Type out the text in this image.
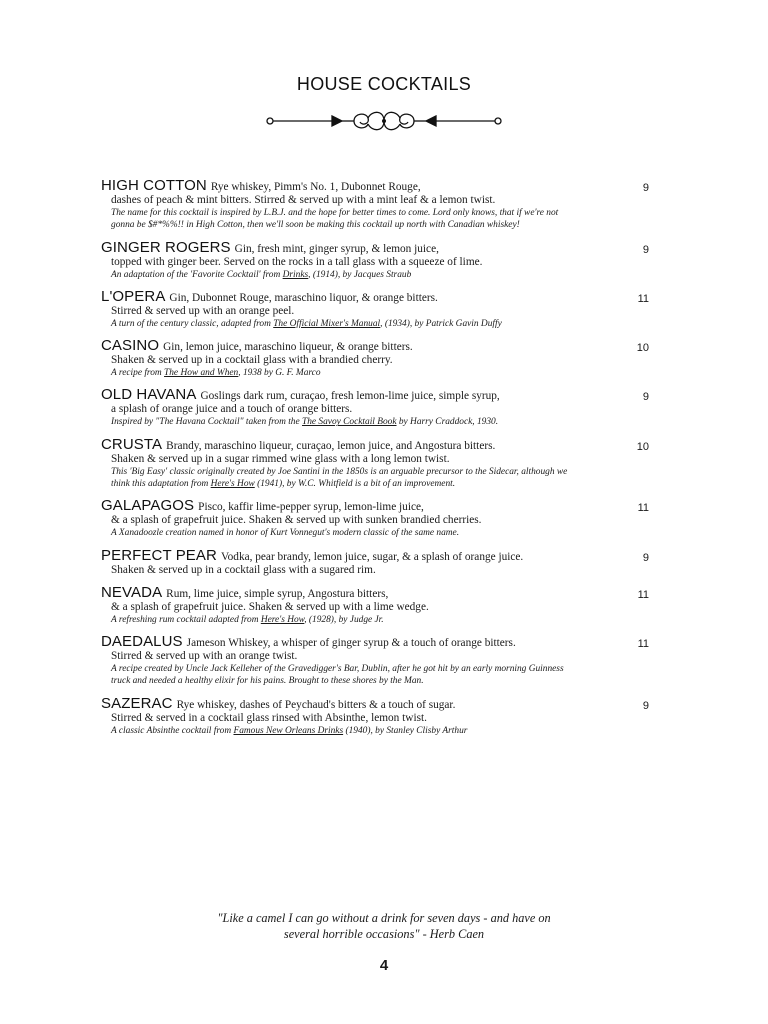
HOUSE COCKTAILS
HIGH COTTON Rye whiskey, Pimm's No. 1, Dubonnet Rouge,	9
dashes of peach & mint bitters. Stirred & served up with a mint leaf & a lemon twist.
The name for this cocktail is inspired by L.B.J. and the hope for better times to come. Lord only knows, that if we're not gonna be $#*%%!! in High Cotton, then we'll soon be making this cocktail up north with Canadian whiskey!
GINGER ROGERS Gin, fresh mint, ginger syrup, & lemon juice,	9
topped with ginger beer. Served on the rocks in a tall glass with a squeeze of lime.
An adaptation of the 'Favorite Cocktail' from Drinks, (1914), by Jacques Straub
L'OPERA Gin, Dubonnet Rouge, maraschino liquor, & orange bitters.	11
Stirred & served up with an orange peel.
A turn of the century classic, adapted from The Official Mixer's Manual, (1934), by Patrick Gavin Duffy
CASINO Gin, lemon juice, maraschino liqueur, & orange bitters.	10
Shaken & served up in a cocktail glass with a brandied cherry.
A recipe from The How and When, 1938 by G. F. Marco
OLD HAVANA Goslings dark rum, curaçao, fresh lemon-lime juice, simple syrup,	9
a splash of orange juice and a touch of orange bitters.
Inspired by "The Havana Cocktail" taken from the The Savoy Cocktail Book by Harry Craddock, 1930.
CRUSTA Brandy, maraschino liqueur, curaçao, lemon juice, and Angostura bitters.	10
Shaken & served up in a sugar rimmed wine glass with a long lemon twist.
This 'Big Easy' classic originally created by Joe Santini in the 1850s is an arguable precursor to the Sidecar, although we think this adaptation from Here's How (1941), by W.C. Whitfield is a bit of an improvement.
GALAPAGOS Pisco, kaffir lime-pepper syrup, lemon-lime juice,	11
& a splash of grapefruit juice. Shaken & served up with sunken brandied cherries.
A Xanadoozle creation named in honor of Kurt Vonnegut's modern classic of the same name.
PERFECT PEAR Vodka, pear brandy, lemon juice, sugar, & a splash of orange juice.	9
Shaken & served up in a cocktail glass with a sugared rim.
NEVADA Rum, lime juice, simple syrup, Angostura bitters,	11
& a splash of grapefruit juice. Shaken & served up with a lime wedge.
A refreshing rum cocktail adapted from Here's How, (1928), by Judge Jr.
DAEDALUS Jameson Whiskey, a whisper of ginger syrup & a touch of orange bitters.	11
Stirred & served up with an orange twist.
A recipe created by Uncle Jack Kelleher of the Gravedigger's Bar, Dublin, after he got hit by an early morning Guinness truck and needed a healthy elixir for his pains. Brought to these shores by the Man.
SAZERAC Rye whiskey, dashes of Peychaud's bitters & a touch of sugar.	9
Stirred & served in a cocktail glass rinsed with Absinthe, lemon twist.
A classic Absinthe cocktail from Famous New Orleans Drinks (1940), by Stanley Clisby Arthur
"Like a camel I can go without a drink for seven days - and have on
several horrible occasions" - Herb Caen
4
